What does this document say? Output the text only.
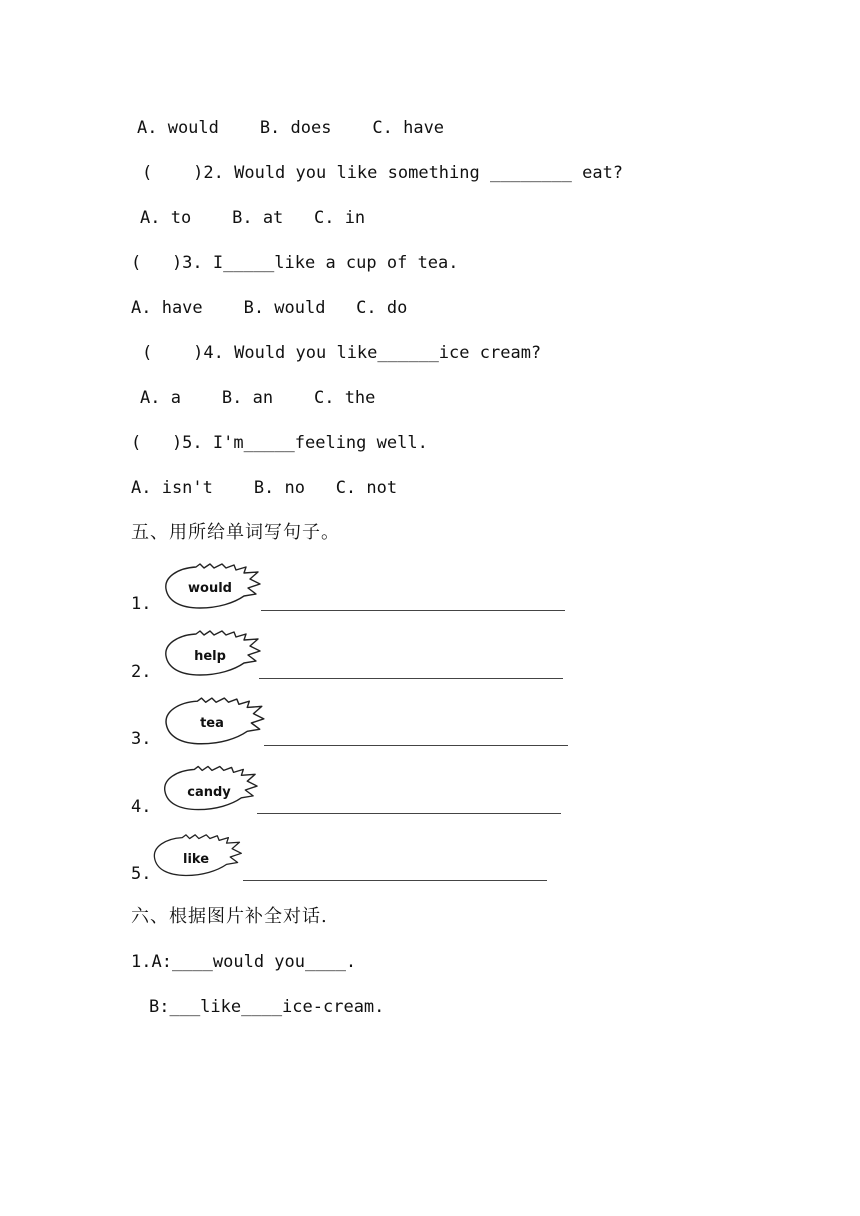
A. would    B. does    C. have
(    )2. Would you like something ________ eat?
A. to    B. at   C. in
(   )3. I_____like a cup of tea.
A. have    B. would   C. do
(    )4. Would you like______ice cream?
A. a    B. an    C. the
(   )5. I'm_____feeling well.
A. isn't    B. no   C. not
五、用所给单词写句子。
1.
would
2.
help
3.
tea
4.
candy
5.
like
六、根据图片补全对话.
1.A:____would you____.
B:___like____ice-cream.
